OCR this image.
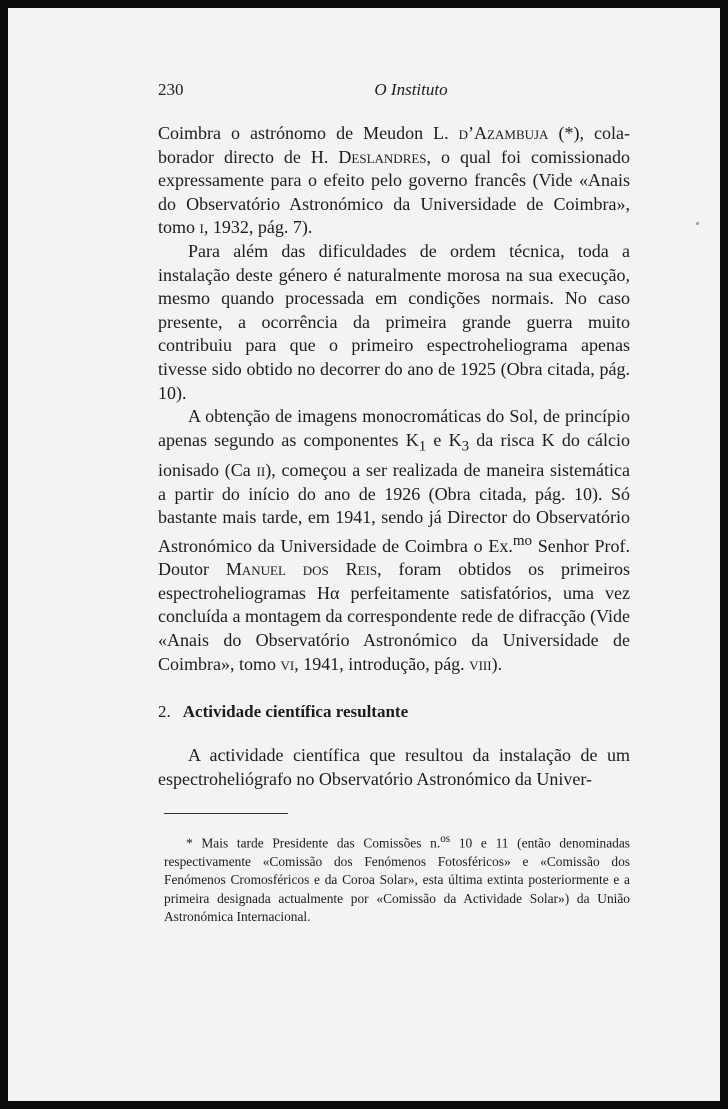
230	O Instituto

Coimbra o astrónomo de Meudon L. d’Azambuja (*), colaborador directo de H. Deslandres, o qual foi comissionado expressamente para o efeito pelo governo francês (Vide «Anais do Observatório Astronómico da Universidade de Coimbra», tomo i, 1932, pág. 7).

Para além das dificuldades de ordem técnica, toda a instalação deste género é naturalmente morosa na sua execução, mesmo quando processada em condições normais. No caso presente, a ocorrência da primeira grande guerra muito contribuiu para que o primeiro espectroheliograma apenas tivesse sido obtido no decorrer do ano de 1925 (Obra citada, pág. 10).

A obtenção de imagens monocromáticas do Sol, de princípio apenas segundo as componentes $K_1$ e $K_3$ da risca K do cálcio ionisado (Ca ii), começou a ser realizada de maneira sistemática a partir do início do ano de 1926 (Obra citada, pág. 10). Só bastante mais tarde, em 1941, sendo já Director do Observatório Astronómico da Universidade de Coimbra o Ex.$^{mo}$ Senhor Prof. Doutor Manuel dos Reis, foram obtidos os primeiros espectroheliogramas Hα perfeitamente satisfatórios, uma vez concluída a montagem da correspondente rede de difracção (Vide «Anais do Observatório Astronómico da Universidade de Coimbra», tomo vi, 1941, introdução, pág. viii).

2. Actividade científica resultante

A actividade científica que resultou da instalação de um espectroheliógrafo no Observatório Astronómico da Univer-

* Mais tarde Presidente das Comissões n.$^{os}$ 10 e 11 (então denominadas respectivamente «Comissão dos Fenómenos Fotosféricos» e «Comissão dos Fenómenos Cromosféricos e da Coroa Solar», esta última extinta posteriormente e a primeira designada actualmente por «Comissão da Actividade Solar») da União Astronómica Internacional.
